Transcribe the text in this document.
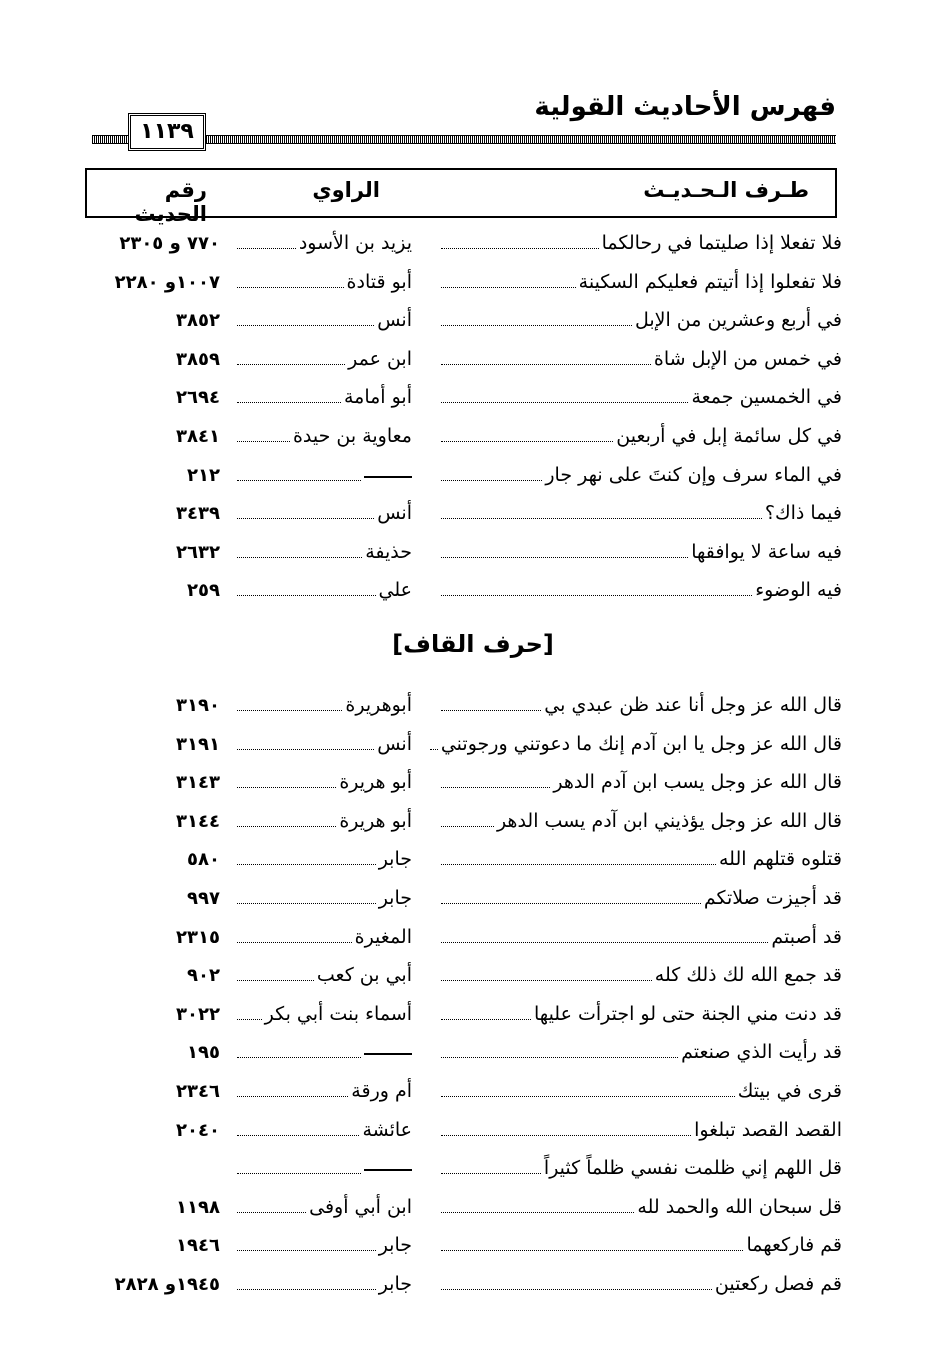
فهرس الأحاديث القولية
١١٣٩
طـرف الـحـديـث
الراوي
رقم الحديث
فلا تفعلا إذا صليتما في رحالكما
يزيد بن الأسود
٧٧٠ و ٢٣٠٥
فلا تفعلوا إذا أتيتم فعليكم السكينة
أبو قتادة
١٠٠٧و ٢٢٨٠
في أربع وعشرين من الإبل
أنس
٣٨٥٢
في خمس من الإبل شاة
ابن عمر
٣٨٥٩
في الخمسين جمعة
أبو أمامة
٢٦٩٤
في كل سائمة إبل في أربعين
معاوية بن حيدة
٣٨٤١
في الماء سرف وإن كنتَ على نهر جار
٢١٢
فيما ذاك؟
أنس
٣٤٣٩
فيه ساعة لا يوافقها
حذيفة
٢٦٣٢
فيه الوضوء
علي
٢٥٩
[حرف القاف]
قال الله عز وجل أنا عند ظن عبدي بي
أبوهريرة
٣١٩٠
قال الله عز وجل يا ابن آدم إنك ما دعوتني ورجوتني
أنس
٣١٩١
قال الله عز وجل يسب ابن آدم الدهر
أبو هريرة
٣١٤٣
قال الله عز وجل يؤذيني ابن آدم يسب الدهر
أبو هريرة
٣١٤٤
قتلوه قتلهم الله
جابر
٥٨٠
قد أجيزت صلاتكم
جابر
٩٩٧
قد أصبتم
المغيرة
٢٣١٥
قد جمع الله لك ذلك كله
أبي بن كعب
٩٠٢
قد دنت مني الجنة حتى لو اجترأت عليها
أسماء بنت أبي بكر
٣٠٢٢
قد رأيت الذي صنعتم
١٩٥
قرى في بيتك
أم ورقة
٢٣٤٦
القصد القصد تبلغوا
عائشة
٢٠٤٠
قل اللهم إني ظلمت نفسي ظلماً كثيراً
قل سبحان الله والحمد لله
ابن أبي أوفى
١١٩٨
قم فاركعهما
جابر
١٩٤٦
قم فصل ركعتين
جابر
١٩٤٥و ٢٨٢٨
